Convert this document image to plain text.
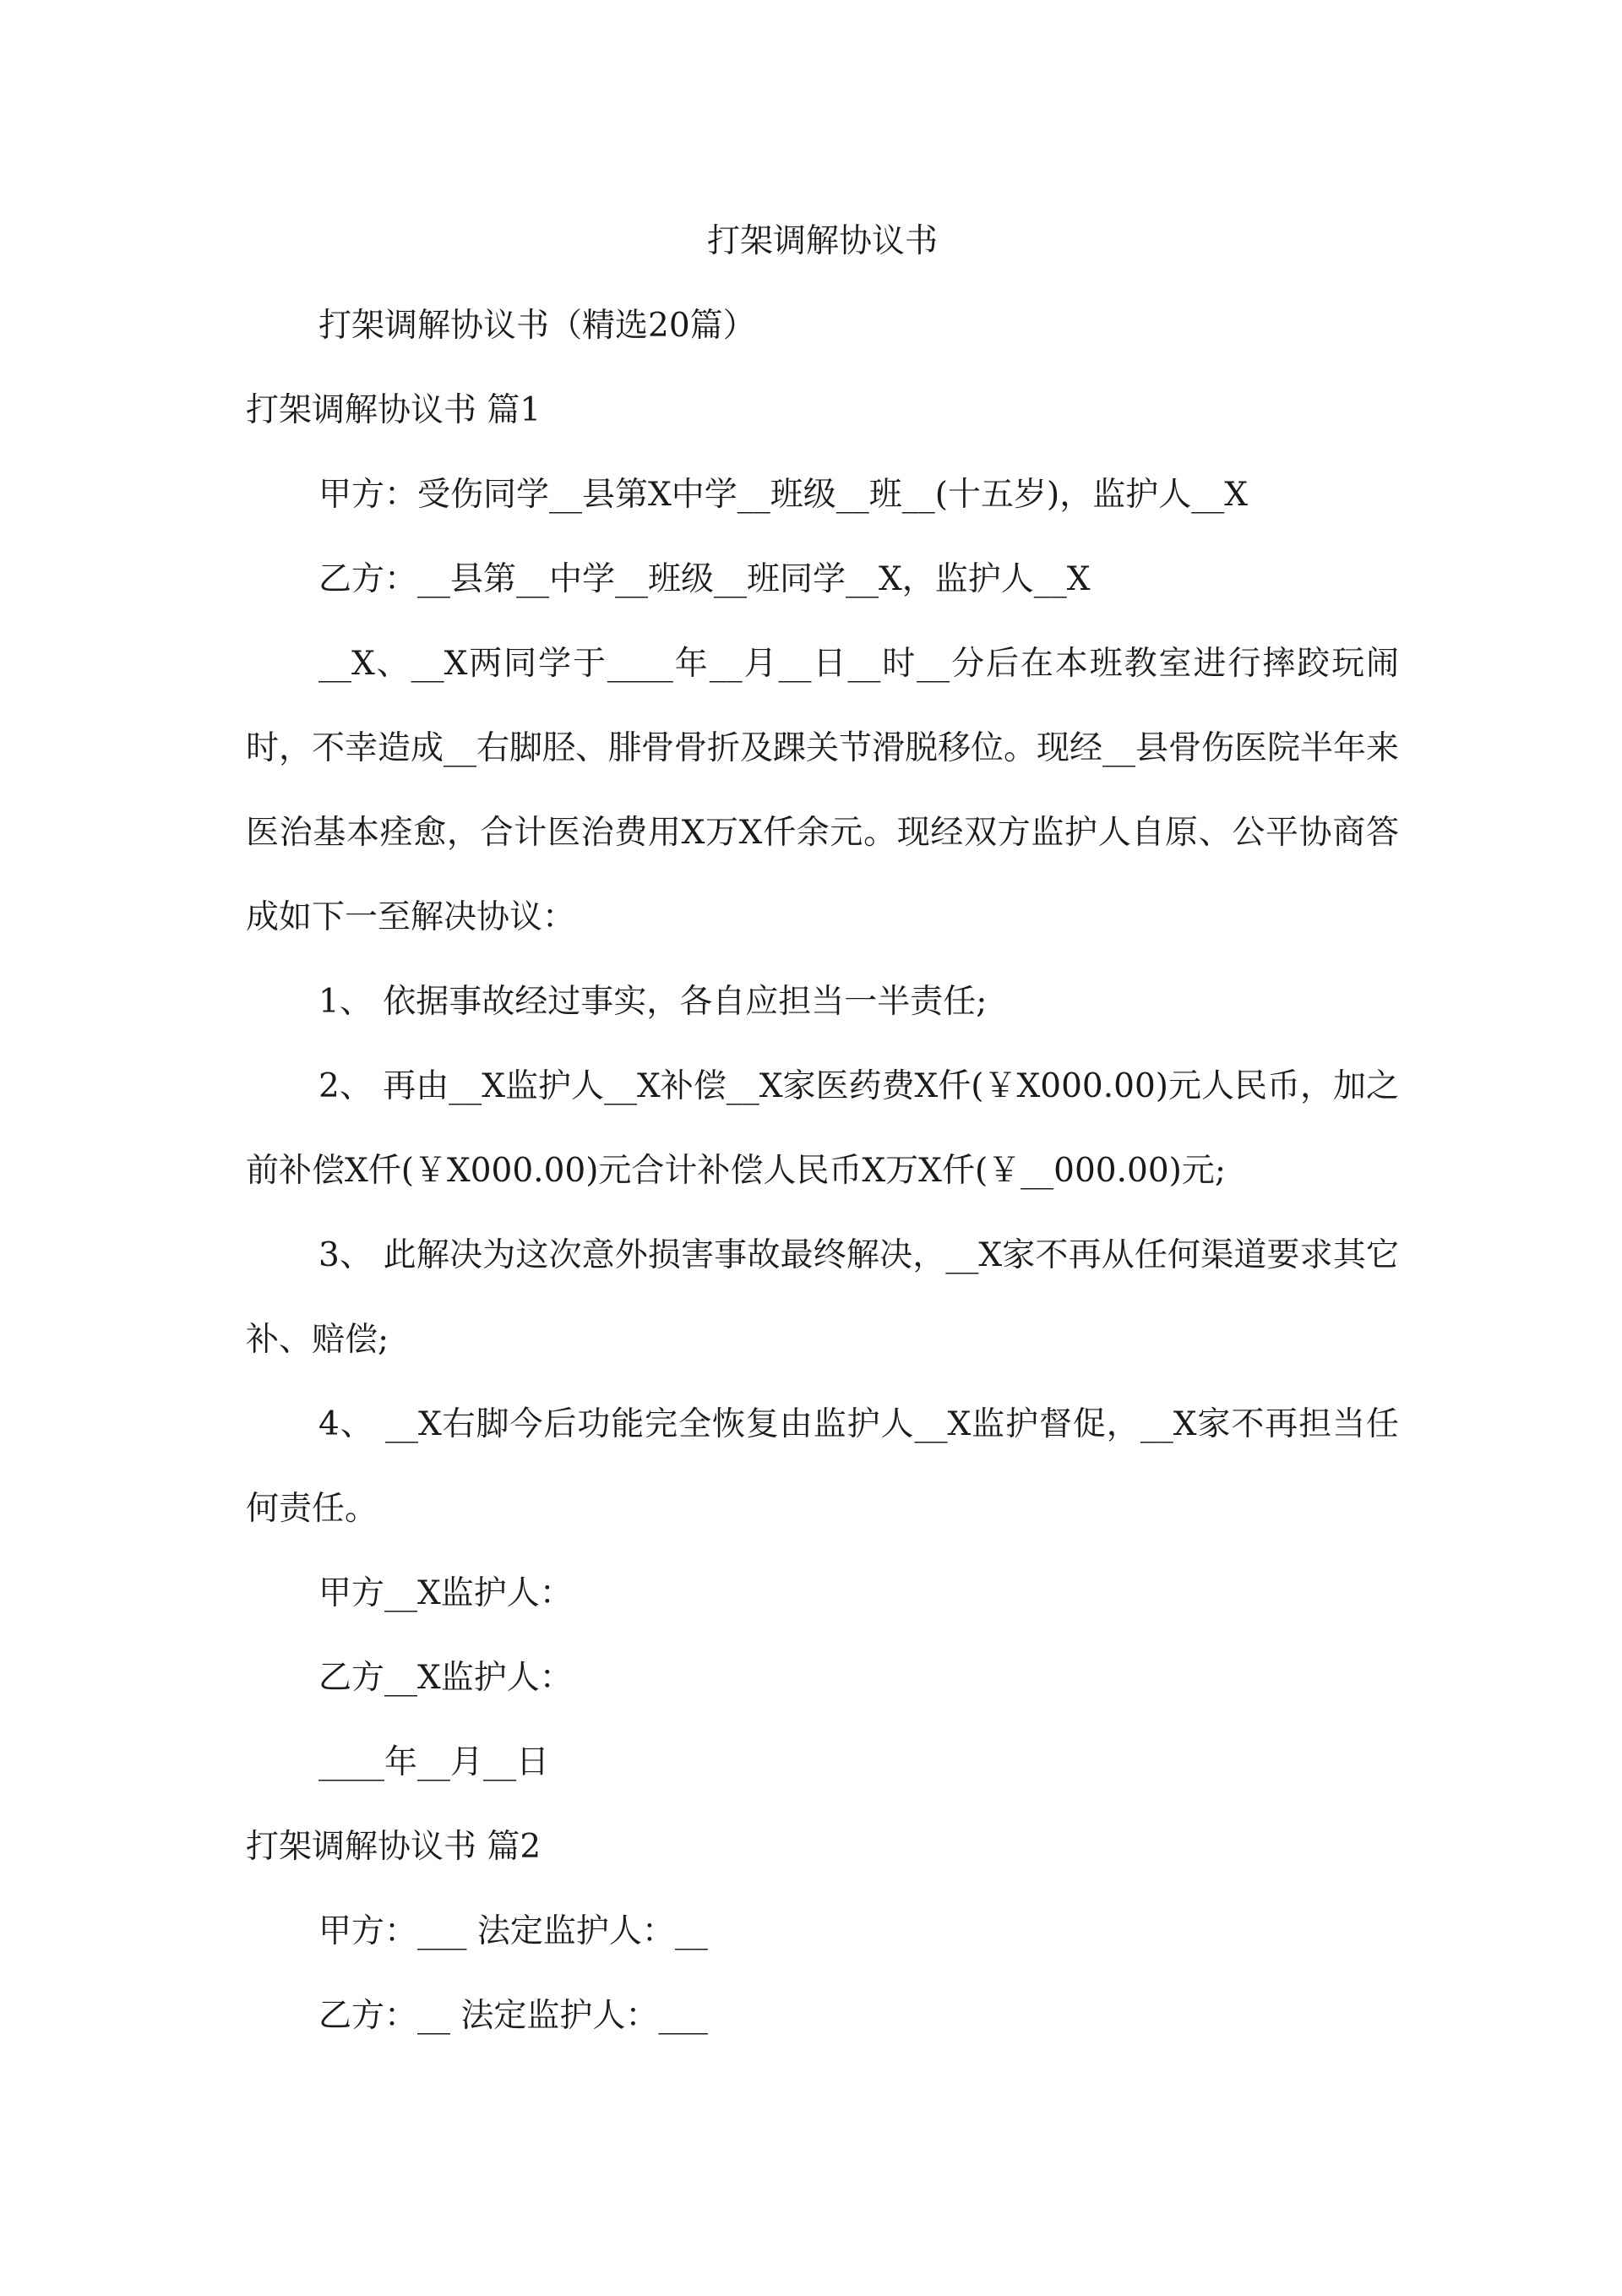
打架调解协议书

打架调解协议书（精选20篇）

打架调解协议书 篇1

甲方：受伤同学__县第X中学__班级__班__(十五岁)，监护人__X

乙方：__县第__中学__班级__班同学__X，监护人__X

__X、__X两同学于____年__月__日__时__分后在本班教室进行摔跤玩闹时，不幸造成__右脚胫、腓骨骨折及踝关节滑脱移位。现经__县骨伤医院半年来医治基本痊愈，合计医治费用X万X仟余元。现经双方监护人自原、公平协商答成如下一至解决协议：

1、 依据事故经过事实，各自应担当一半责任;

2、 再由__X监护人__X补偿__X家医药费X仟(￥X000.00)元人民币，加之前补偿X仟(￥X000.00)元合计补偿人民币X万X仟(￥__000.00)元;

3、 此解决为这次意外损害事故最终解决，__X家不再从任何渠道要求其它补、赔偿;

4、 __X右脚今后功能完全恢复由监护人__X监护督促，__X家不再担当任何责任。

甲方__X监护人：

乙方__X监护人：

____年__月__日

打架调解协议书 篇2

甲方：___ 法定监护人：__

乙方：__ 法定监护人：___
